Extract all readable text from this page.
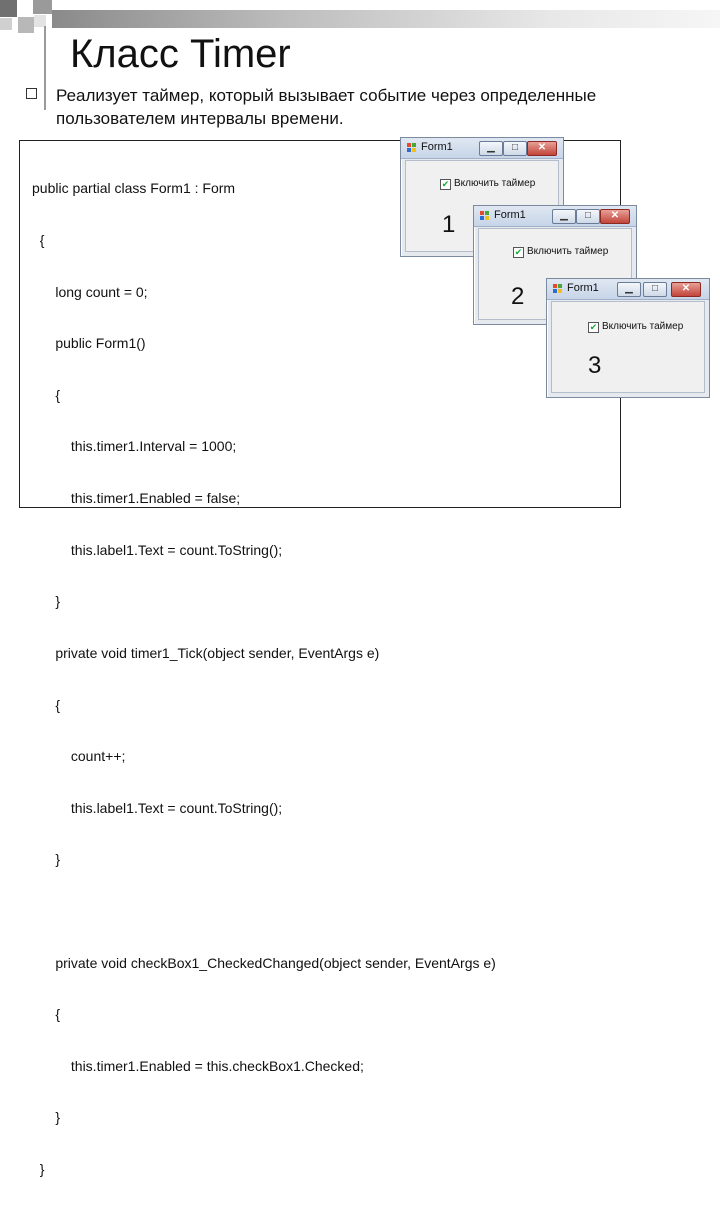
Класс Timer
Реализует таймер, который вызывает событие через определенные пользователем интервалы времени.

public partial class Form1 : Form

{

long count = 0;

public Form1()

{

this.timer1.Interval = 1000;

this.timer1.Enabled = false;

this.label1.Text = count.ToString();

}

private void timer1_Tick(object sender, EventArgs e)

{

count++;

this.label1.Text = count.ToString();

}

private void checkBox1_CheckedChanged(object sender, EventArgs e)

{

this.timer1.Enabled = this.checkBox1.Checked;

}

}

Form1	▁	□	✕
✔ Включить таймер
1	Form1	▁	□	✕
✔ Включить таймер
2	Form1	▁	□	✕
✔ Включить таймер
3
